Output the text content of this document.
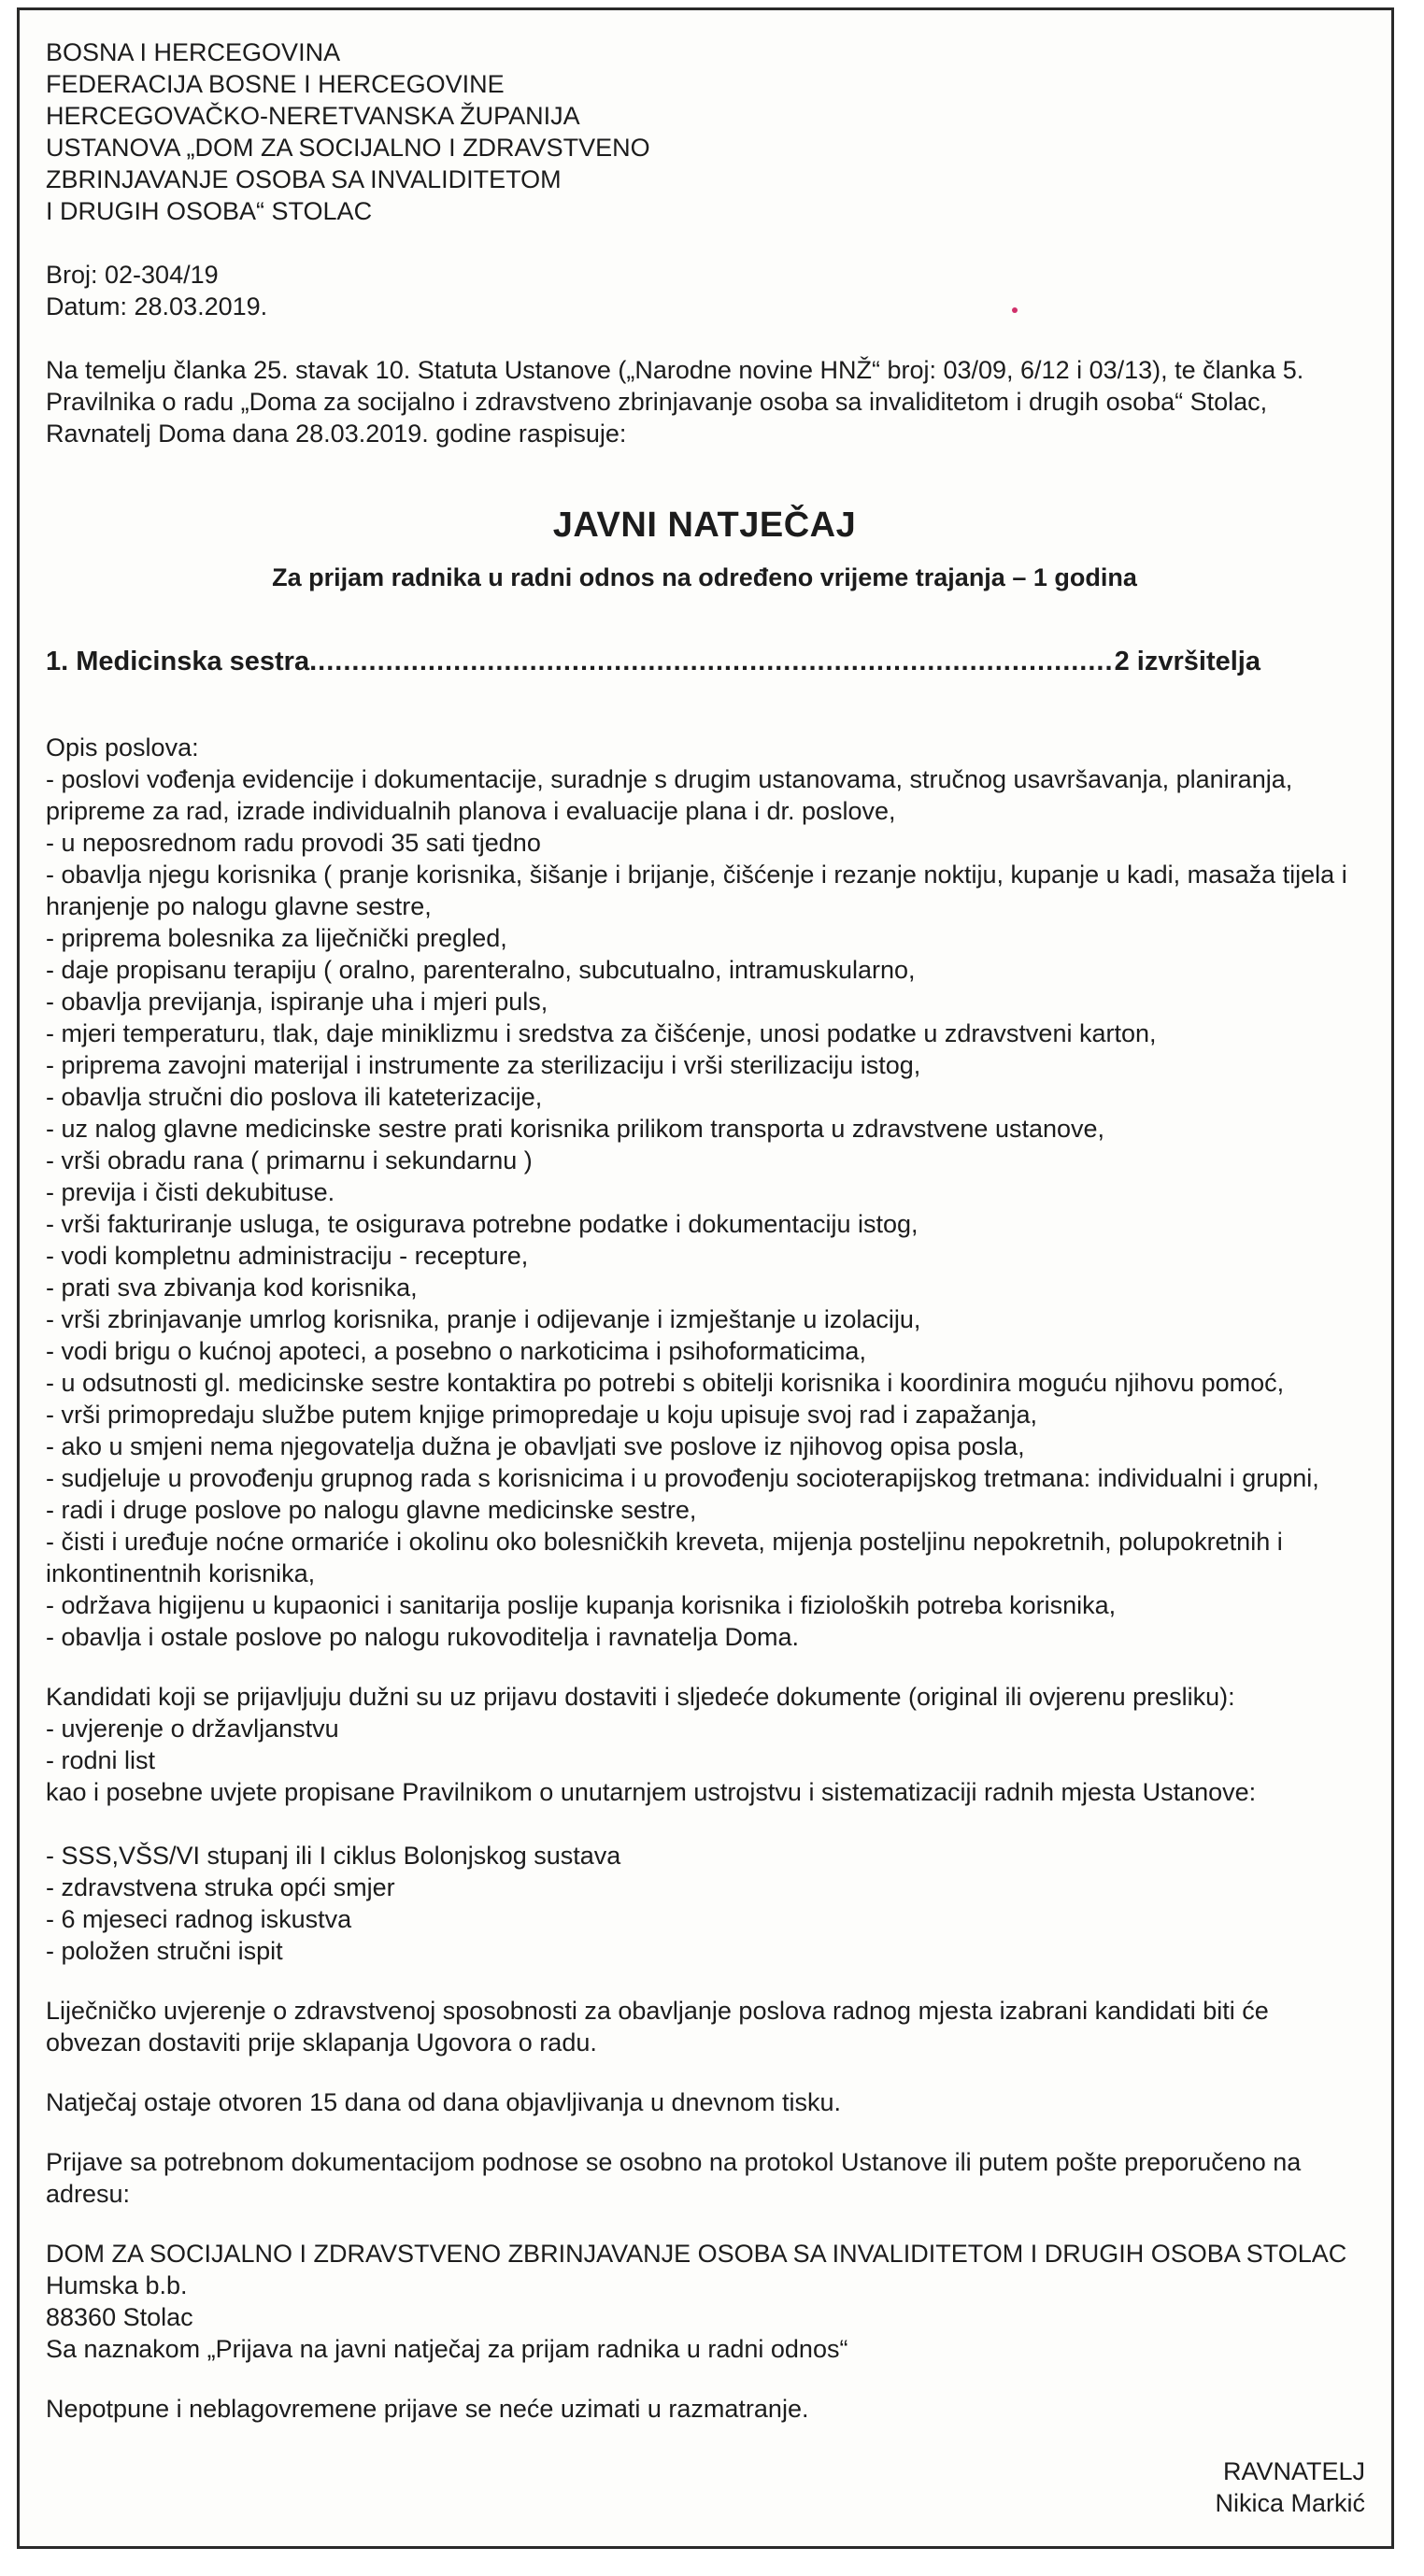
BOSNA I HERCEGOVINA
FEDERACIJA BOSNE I HERCEGOVINE
HERCEGOVAČKO-NERETVANSKA ŽUPANIJA
USTANOVA „DOM ZA SOCIJALNO I ZDRAVSTVENO
ZBRINJAVANJE OSOBA SA INVALIDITETOM
I DRUGIH OSOBA“ STOLAC
Broj: 02-304/19
Datum: 28.03.2019.
Na temelju članka 25. stavak 10. Statuta Ustanove („Narodne novine HNŽ“ broj: 03/09, 6/12 i 03/13), te članka 5. Pravilnika o radu „Doma za socijalno i zdravstveno zbrinjavanje osoba sa invaliditetom i drugih osoba“ Stolac, Ravnatelj Doma dana 28.03.2019. godine raspisuje:
JAVNI NATJEČAJ
Za prijam radnika u radni odnos na određeno vrijeme trajanja – 1 godina
1. Medicinska sestra
.....	2 izvršitelja
Opis poslova:
- poslovi vođenja evidencije i dokumentacije, suradnje s drugim ustanovama, stručnog usavršavanja, planiranja, pripreme za rad, izrade individualnih planova i evaluacije plana i dr. poslove,
- u neposrednom radu provodi 35 sati tjedno
- obavlja njegu korisnika ( pranje korisnika, šišanje i brijanje, čišćenje i rezanje noktiju, kupanje u kadi, masaža tijela i hranjenje po nalogu glavne sestre,
- priprema bolesnika za liječnički pregled,
- daje propisanu terapiju ( oralno, parenteralno, subcutualno, intramuskularno,
- obavlja previjanja, ispiranje uha i mjeri puls,
- mjeri temperaturu, tlak, daje miniklizmu i sredstva za čišćenje, unosi podatke u zdravstveni karton,
- priprema zavojni materijal i instrumente za sterilizaciju i vrši sterilizaciju istog,
- obavlja stručni dio poslova ili kateterizacije,
- uz nalog glavne medicinske sestre prati korisnika prilikom transporta u zdravstvene ustanove,
- vrši obradu rana ( primarnu i sekundarnu )
- previja i čisti dekubituse.
- vrši fakturiranje usluga, te osigurava potrebne podatke i dokumentaciju istog,
- vodi kompletnu administraciju - recepture,
- prati sva zbivanja kod korisnika,
- vrši zbrinjavanje umrlog korisnika, pranje i odijevanje i izmještanje u izolaciju,
- vodi brigu o kućnoj apoteci, a posebno o narkoticima i psihoformaticima,
- u odsutnosti gl. medicinske sestre kontaktira po potrebi s obitelji korisnika i koordinira moguću njihovu pomoć,
- vrši primopredaju službe putem knjige primopredaje u koju upisuje svoj rad i zapažanja,
- ako u smjeni nema njegovatelja dužna je obavljati sve poslove iz njihovog opisa posla,
- sudjeluje u provođenju grupnog rada s korisnicima i u provođenju socioterapijskog tretmana: individualni i grupni,
- radi i druge poslove po nalogu glavne medicinske sestre,
- čisti i uređuje noćne ormariće i okolinu oko bolesničkih kreveta, mijenja posteljinu nepokretnih, polupokretnih i inkontinentnih korisnika,
- održava higijenu u kupaonici i sanitarija poslije kupanja korisnika i fizioloških potreba korisnika,
- obavlja i ostale poslove po nalogu rukovoditelja i ravnatelja Doma.
Kandidati koji se prijavljuju dužni su uz prijavu dostaviti i sljedeće dokumente (original ili ovjerenu presliku):
- uvjerenje o državljanstvu
- rodni list
kao i posebne uvjete propisane Pravilnikom o unutarnjem ustrojstvu i sistematizaciji radnih mjesta Ustanove:
- SSS,VŠS/VI stupanj ili I ciklus Bolonjskog sustava
- zdravstvena struka opći smjer
- 6 mjeseci radnog iskustva
- položen stručni ispit
Liječničko uvjerenje o zdravstvenoj sposobnosti za obavljanje poslova radnog mjesta izabrani kandidati biti će obvezan dostaviti prije sklapanja Ugovora o radu.
Natječaj ostaje otvoren 15 dana od dana objavljivanja u dnevnom tisku.
Prijave sa potrebnom dokumentacijom podnose se osobno na protokol Ustanove ili putem pošte preporučeno na adresu:
DOM ZA SOCIJALNO I ZDRAVSTVENO ZBRINJAVANJE OSOBA SA INVALIDITETOM I DRUGIH OSOBA STOLAC
Humska b.b.
88360 Stolac
Sa naznakom „Prijava na javni natječaj za prijam radnika u radni odnos“
Nepotpune i neblagovremene prijave se neće uzimati u razmatranje.
RAVNATELJ
Nikica Markić
